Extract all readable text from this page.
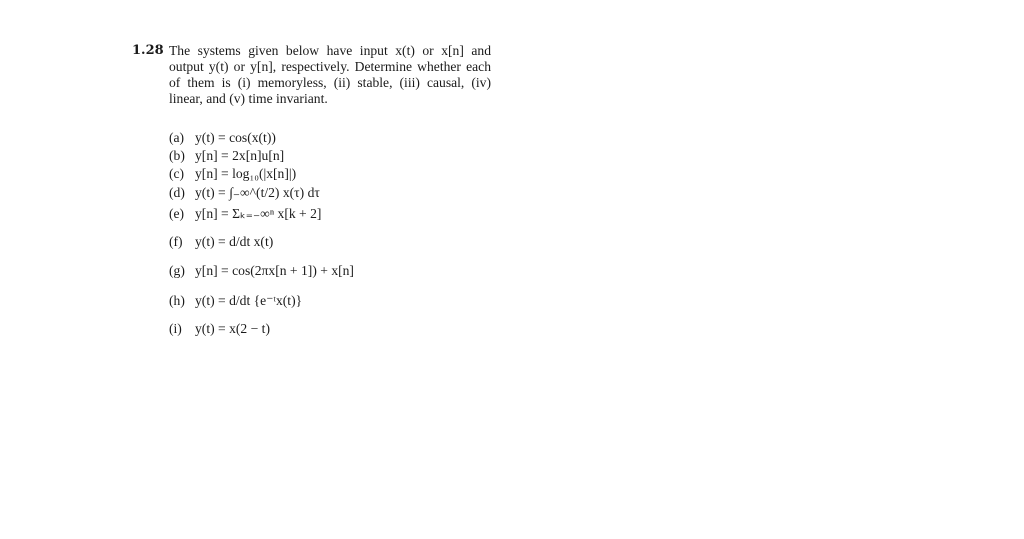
1.28 The systems given below have input x(t) or x[n] and output y(t) or y[n], respectively. Determine whether each of them is (i) memoryless, (ii) stable, (iii) causal, (iv) linear, and (v) time invariant.

(a) y(t) = cos(x(t))
(b) y[n] = 2x[n]u[n]
(c) y[n] = log₁₀(|x[n]|)
(d) y(t) = ∫₋∞^(t/2) x(τ) dτ
(e) y[n] = Σₖ₌₋∞ⁿ x[k + 2]
(f) y(t) = d/dt x(t)
(g) y[n] = cos(2πx[n + 1]) + x[n]
(h) y(t) = d/dt {e⁻ᵗx(t)}
(i) y(t) = x(2 − t)
